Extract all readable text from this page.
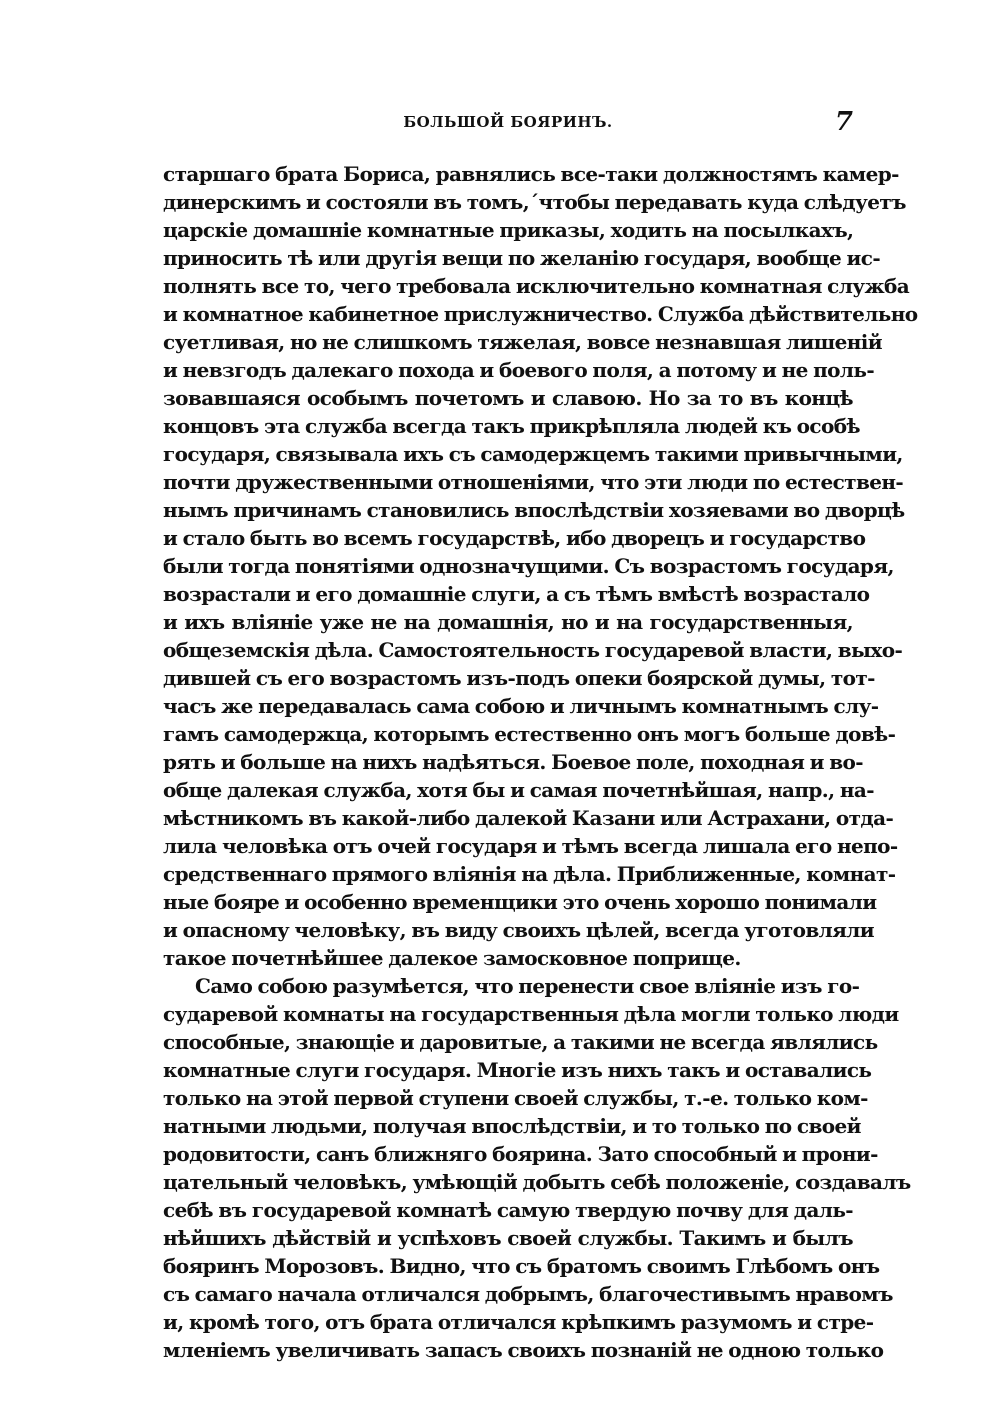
БОЛЬШОЙ БОЯРИНЪ.	7
старшаго брата Бориса, равнялись все-таки должностямъ камер-
динерскимъ и состояли въ томъ,´чтобы передавать куда слѣдуетъ
царскіе домашніе комнатные приказы, ходить на посылкахъ,
приносить тѣ или другія вещи по желанію государя, вообще ис-
полнять все то, чего требовала исключительно комнатная служба
и комнатное кабинетное прислужничество. Служба дѣйствительно
суетливая, но не слишкомъ тяжелая, вовсе незнавшая лишеній
и невзгодъ далекаго похода и боевого поля, а потому и не поль-
зовавшаяся особымъ почетомъ и славою. Но за то въ концѣ
концовъ эта служба всегда такъ прикрѣпляла людей къ особѣ
государя, связывала ихъ съ самодержцемъ такими привычными,
почти дружественными отношеніями, что эти люди по естествен-
нымъ причинамъ становились впослѣдствіи хозяевами во дворцѣ
и стало быть во всемъ государствѣ, ибо дворецъ и государство
были тогда понятіями однозначущими. Съ возрастомъ государя,
возрастали и его домашніе слуги, а съ тѣмъ вмѣстѣ возрастало
и ихъ вліяніе уже не на домашнія, но и на государственныя,
общеземскія дѣла. Самостоятельность государевой власти, выхо-
дившей съ его возрастомъ изъ-подъ опеки боярской думы, тот-
часъ же передавалась сама собою и личнымъ комнатнымъ слу-
гамъ самодержца, которымъ естественно онъ могъ больше довѣ-
рять и больше на нихъ надѣяться. Боевое поле, походная и во-
обще далекая служба, хотя бы и самая почетнѣйшая, напр., на-
мѣстникомъ въ какой-либо далекой Казани или Астрахани, отда-
лила человѣка отъ очей государя и тѣмъ всегда лишала его непо-
средственнаго прямого вліянія на дѣла. Приближенные, комнат-
ные бояре и особенно временщики это очень хорошо понимали
и опасному человѣку, въ виду своихъ цѣлей, всегда уготовляли
такое почетнѣйшее далекое замосковное поприще.
Само собою разумѣется, что перенести свое вліяніе изъ го-
сударевой комнаты на государственныя дѣла могли только люди
способные, знающіе и даровитые, а такими не всегда являлись
комнатные слуги государя. Многіе изъ нихъ такъ и оставались
только на этой первой ступени своей службы, т.-е. только ком-
натными людьми, получая впослѣдствіи, и то только по своей
родовитости, санъ ближняго боярина. Зато способный и прони-
цательный человѣкъ, умѣющій добыть себѣ положеніе, создавалъ
себѣ въ государевой комнатѣ самую твердую почву для даль-
нѣйшихъ дѣйствій и успѣховъ своей службы. Такимъ и былъ
бояринъ Морозовъ. Видно, что съ братомъ своимъ Глѣбомъ онъ
съ самаго начала отличался добрымъ, благочестивымъ нравомъ
и, кромѣ того, отъ брата отличался крѣпкимъ разумомъ и стре-
мленіемъ увеличивать запасъ своихъ познаній не одною только
